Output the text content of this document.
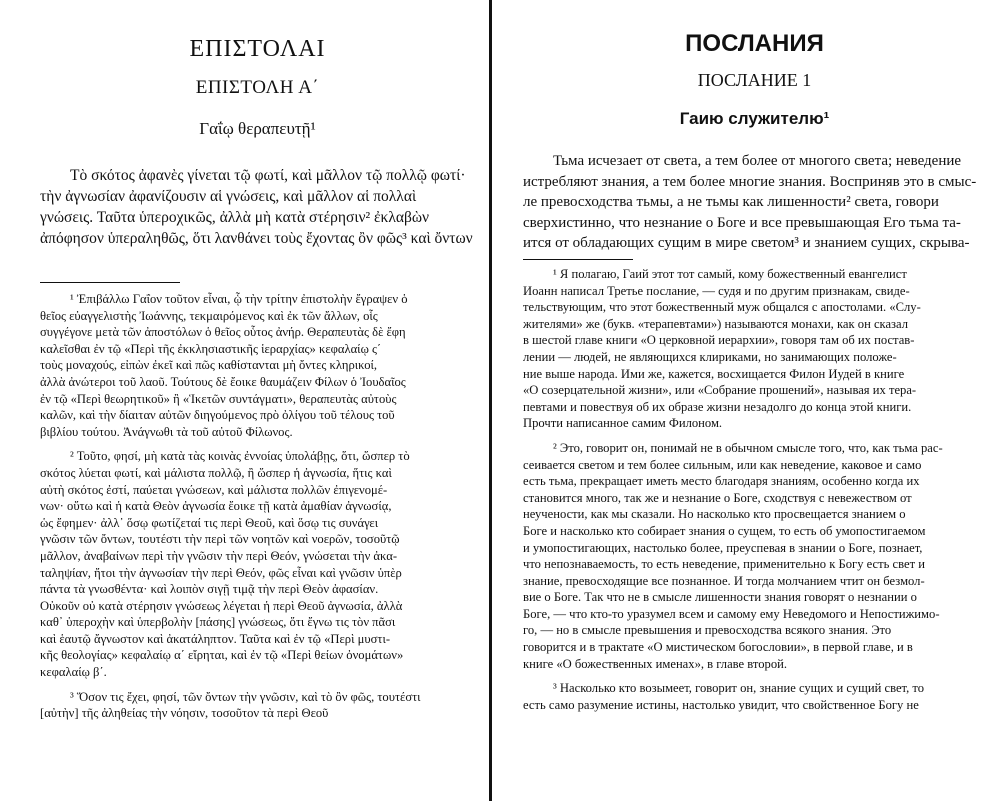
ΕΠΙΣΤΟΛΑΙ
ΕΠΙΣΤΟΛΗ Α΄
Γαΐῳ θεραπευτῇ¹
Τὸ σκότος ἀφανὲς γίνεται τῷ φωτί, καὶ μᾶλλον τῷ πολλῷ φωτί·
τὴν ἀγνωσίαν ἀφανίζουσιν αἱ γνώσεις, καὶ μᾶλλον αἱ πολλαὶ
γνώσεις. Ταῦτα ὑπεροχικῶς, ἀλλὰ μὴ κατὰ στέρησιν² ἐκλαβὼν
ἀπόφησον ὑπεραληθῶς, ὅτι λανθάνει τοὺς ἔχοντας ὂν φῶς³ καὶ ὄντων
¹ Ἐπιβάλλω Γαΐον τοῦτον εἶναι, ᾧ τὴν τρίτην ἐπιστολὴν ἔγραψεν ὁ
θεῖος εὐαγγελιστὴς Ἰωάννης, τεκμαιρόμενος καὶ ἐκ τῶν ἄλλων, οἷς
συγγέγονε μετὰ τῶν ἀποστόλων ὁ θεῖος οὗτος ἀνήρ. Θεραπευτὰς δὲ ἔφη
καλεῖσθαι ἐν τῷ «Περὶ τῆς ἐκκλησιαστικῆς ἱεραρχίας» κεφαλαίῳ ς΄
τοὺς μοναχούς, εἰπὼν ἐκεῖ καὶ πῶς καθίστανται μὴ ὄντες κληρικοί,
ἀλλὰ ἀνώτεροι τοῦ λαοῦ. Τούτους δὲ ἔοικε θαυμάζειν Φίλων ὁ Ἰουδαῖος
ἐν τῷ «Περὶ θεωρητικοῦ» ἢ «Ἱκετῶν συντάγματι», θεραπευτὰς αὐτοὺς
καλῶν, καὶ τὴν δίαιταν αὐτῶν διηγούμενος πρὸ ὀλίγου τοῦ τέλους τοῦ
βιβλίου τούτου. Ἀνάγνωθι τὰ τοῦ αὐτοῦ Φίλωνος.
² Τοῦτο, φησί, μὴ κατὰ τὰς κοινὰς ἐννοίας ὑπολάβῃς, ὅτι, ὥσπερ τὸ
σκότος λύεται φωτί, καὶ μάλιστα πολλῷ, ἢ ὥσπερ ἡ ἀγνωσία, ἥτις καὶ
αὐτὴ σκότος ἐστί, παύεται γνώσεων, καὶ μάλιστα πολλῶν ἐπιγενομέ-
νων· οὕτω καὶ ἡ κατὰ Θεὸν ἀγνωσία ἔοικε τῇ κατὰ ἀμαθίαν ἀγνωσίᾳ,
ὡς ἔφημεν· ἀλλ᾿ ὅσῳ φωτίζεταί τις περὶ Θεοῦ, καὶ ὅσῳ τις συνάγει
γνῶσιν τῶν ὄντων, τουτέστι τὴν περὶ τῶν νοητῶν καὶ νοερῶν, τοσοῦτῷ
μᾶλλον, ἀναβαίνων περὶ τὴν γνῶσιν τὴν περὶ Θεόν, γνώσεται τὴν ἀκα-
ταληψίαν, ἤτοι τὴν ἀγνωσίαν τὴν περὶ Θεόν, φῶς εἶναι καὶ γνῶσιν ὑπὲρ
πάντα τὰ γνωσθέντα· καὶ λοιπὸν σιγῇ τιμᾷ τὴν περὶ Θεὸν ἀφασίαν.
Οὐκοῦν οὐ κατὰ στέρησιν γνώσεως λέγεται ἡ περὶ Θεοῦ ἀγνωσία, ἀλλὰ
καθ᾿ ὑπεροχὴν καὶ ὑπερβολὴν [πάσης] γνώσεως, ὅτι ἔγνω τις τὸν πᾶσι
καὶ ἑαυτῷ ἄγνωστον καὶ ἀκατάληπτον. Ταῦτα καὶ ἐν τῷ «Περὶ μυστι-
κῆς θεολογίας» κεφαλαίῳ α΄ εἴρηται, καὶ ἐν τῷ «Περὶ θείων ὀνομάτων»
κεφαλαίῳ β΄.
³ Ὅσον τις ἔχει, φησί, τῶν ὄντων τὴν γνῶσιν, καὶ τὸ ὂν φῶς, τουτέστι
[αὐτὴν] τῆς ἀληθείας τὴν νόησιν, τοσοῦτον τὰ περὶ Θεοῦ
ПОСЛАНИЯ
ПОСЛАНИЕ 1
Гаию служителю¹
Тьма исчезает от света, а тем более от многого света; неведение
истребляют знания, а тем более многие знания. Восприняв это в смыс-
ле превосходства тьмы, а не тьмы как лишенности² света, говори
сверхистинно, что незнание о Боге и все превышающая Его тьма та-
ится от обладающих сущим в мире светом³ и знанием сущих, скрыва-
¹ Я полагаю, Гаий этот тот самый, кому божественный евангелист
Иоанн написал Третье послание, — судя и по другим признакам, свиде-
тельствующим, что этот божественный муж общался с апостолами. «Слу-
жителями» же (букв. «терапевтами») называются монахи, как он сказал
в шестой главе книги «О церковной иерархии», говоря там об их постав-
лении — людей, не являющихся клириками, но занимающих положе-
ние выше народа. Ими же, кажется, восхищается Филон Иудей в книге
«О созерцательной жизни», или «Собрание прошений», называя их тера-
певтами и повествуя об их образе жизни незадолго до конца этой книги.
Прочти написанное самим Филоном.
² Это, говорит он, понимай не в обычном смысле того, что, как тьма рас-
сеивается светом и тем более сильным, или как неведение, каковое и само
есть тьма, прекращает иметь место благодаря знаниям, особенно когда их
становится много, так же и незнание о Боге, сходствуя с невежеством от
неучености, как мы сказали. Но насколько кто просвещается знанием о
Боге и насколько кто собирает знания о сущем, то есть об умопостигаемом
и умопостигающих, настолько более, преуспевая в знании о Боге, познает,
что непознаваемость, то есть неведение, применительно к Богу есть свет и
знание, превосходящие все познанное. И тогда молчанием чтит он безмол-
вие о Боге. Так что не в смысле лишенности знания говорят о незнании о
Боге, — что кто-то уразумел всем и самому ему Неведомого и Непостижимо-
го, — но в смысле превышения и превосходства всякого знания. Это
говорится и в трактате «О мистическом богословии», в первой главе, и в
книге «О божественных именах», в главе второй.
³ Насколько кто возымеет, говорит он, знание сущих и сущий свет, то
есть само разумение истины, настолько увидит, что свойственное Богу не
